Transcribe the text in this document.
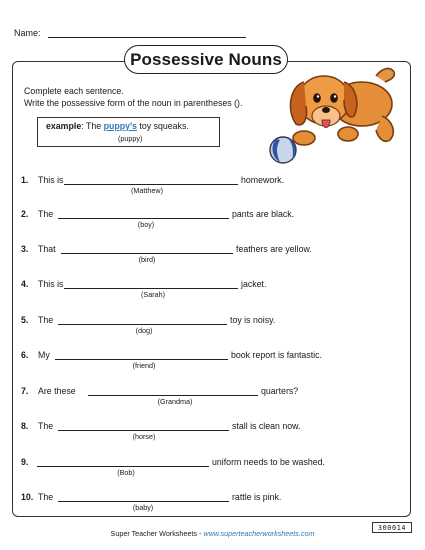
Name:
Possessive Nouns
Complete each sentence.
Write the possessive form of the noun in parentheses ().
example: The puppy's toy squeaks.
(puppy)
1. This is	homework.
(Matthew)
2. The	pants are black.
(boy)
3. That	feathers are yellow.
(bird)
4. This is	jacket.
(Sarah)
5. The	toy is noisy.
(dog)
6. My	book report is fantastic.
(friend)
7. Are these	quarters?
(Grandma)
8. The	stall is clean now.
(horse)
9.	uniform needs to be washed.
(Bob)
10. The	rattle is pink.
(baby)
Super Teacher Worksheets - www.superteacherworksheets.com
300014
